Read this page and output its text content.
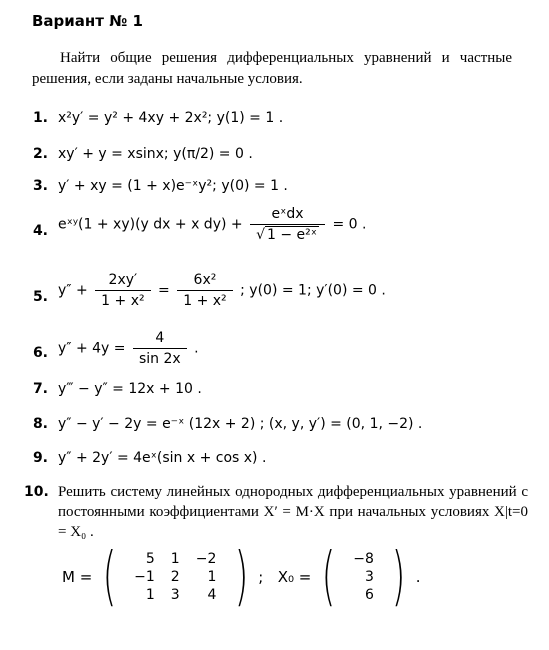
Вариант № 1
Найти общие решения дифференциальных уравнений и частные решения, если заданы начальные условия.
1. x²y′ = y² + 4xy + 2x²; y(1) = 1 .
2. xy′ + y = xsinx; y(π/2) = 0 .
3. y′ + xy = (1 + x)e⁻ˣy²; y(0) = 1 .
4. eˣʸ(1 + xy)(y dx + x $dy) + \frac{\text{eˣdx}}{\text{√ 1 − e²ˣ}} = 0$ .
5. $y'' + \frac{2xy'}{\text{1 + x²}} = \frac{\text{6x²}}{\text{1 + x²}}$ ; y(0) = 1; y′(0) = 0 .
6. $y'' + 4y = \frac{4}{\sin 2x}$ .
7. y‴ − y″ = 12x + 10 .
8. y″ − y′ − 2y = e⁻ˣ (12x + 2) ; (x, y, y′) = (0, 1, −2) .
9. y″ + 2y′ = 4eˣ(sin x + cos x) .
10. Решить систему линейных однородных дифференциальных уравнений с постоянными коэффициентами X′ = M·X при начальных условиях X|t=0 = X₀ .
M = ( 5	1	−2
−1	2	1
1	3	4 ) ; X₀ = ( −8
3
6 ) .
